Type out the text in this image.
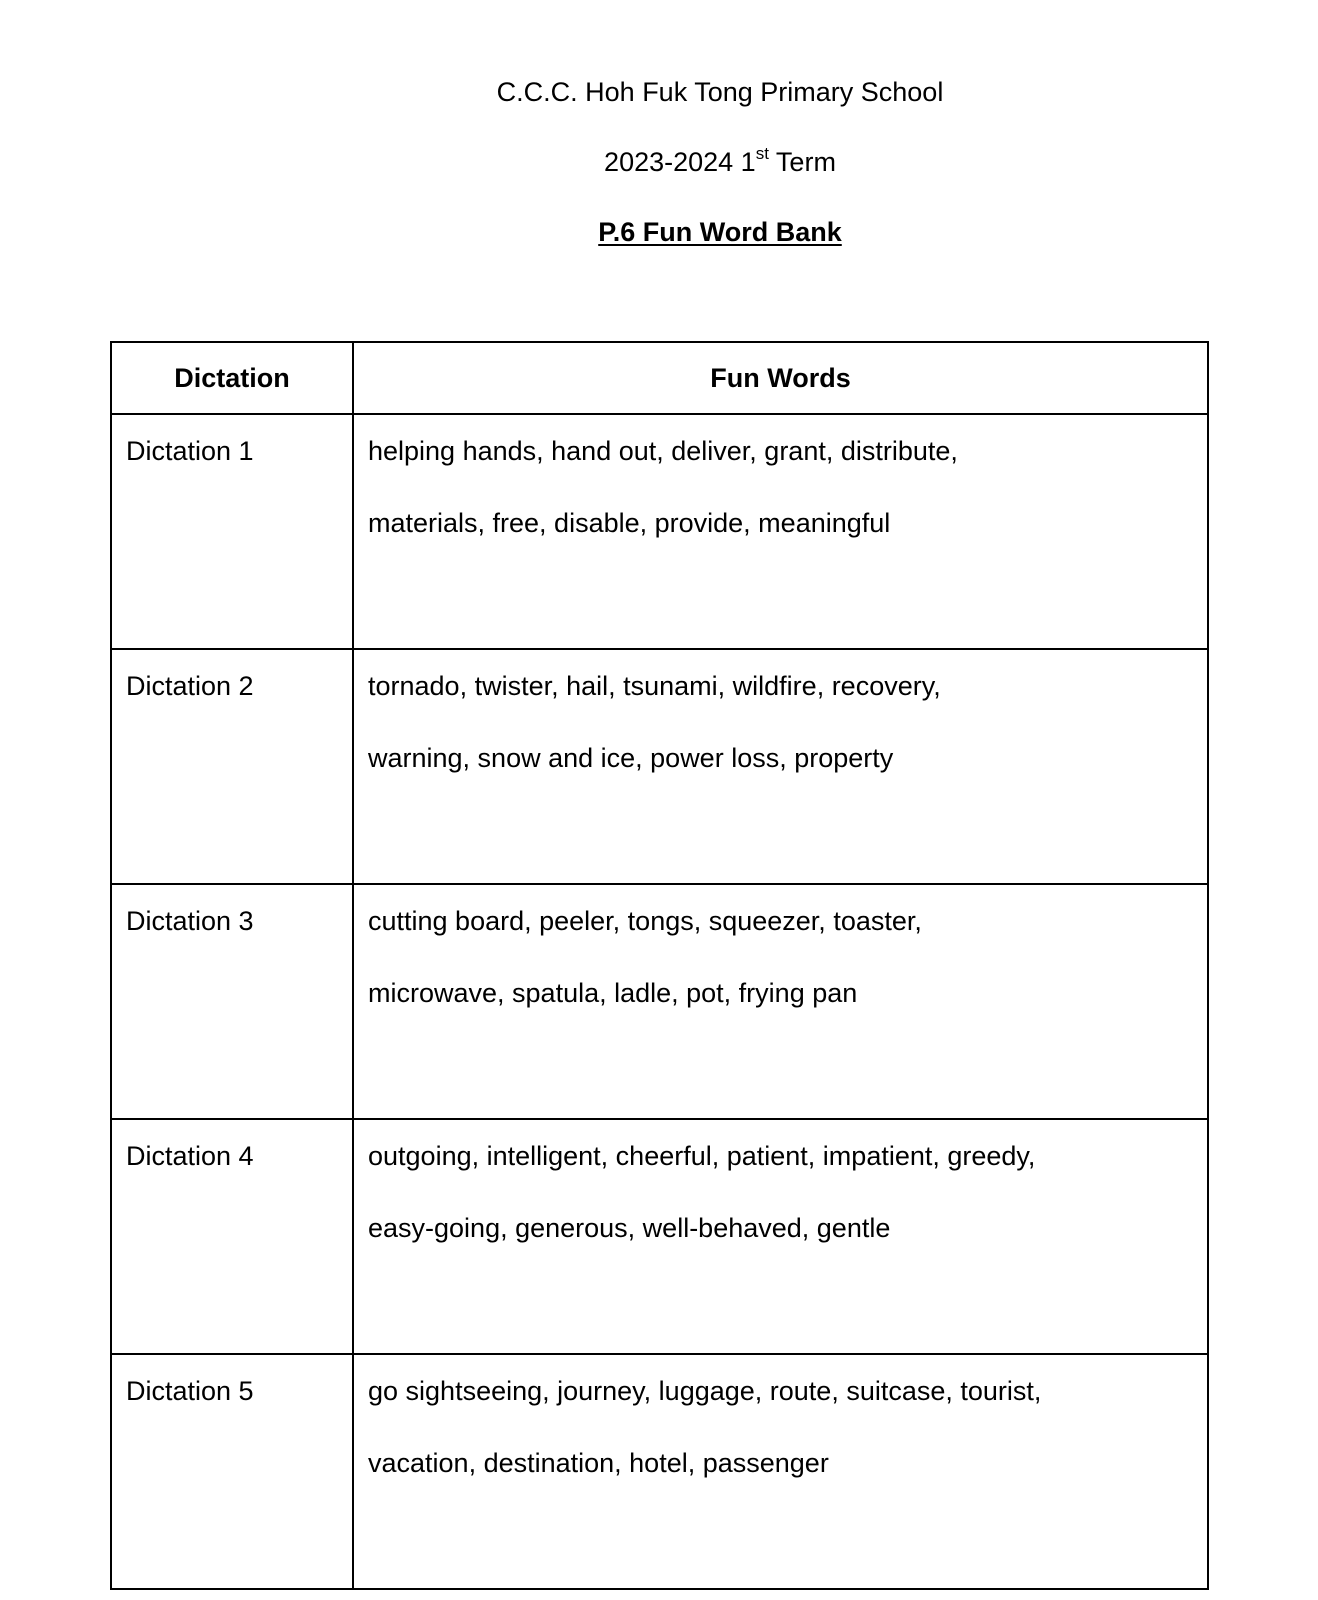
C.C.C. Hoh Fuk Tong Primary School
2023-2024 1st Term
P.6 Fun Word Bank
Dictation	Fun Words
Dictation 1	helping hands, hand out, deliver, grant, distribute,
materials, free, disable, provide, meaningful

Dictation 2	tornado, twister, hail, tsunami, wildfire, recovery,
warning, snow and ice, power loss, property

Dictation 3	cutting board, peeler, tongs, squeezer, toaster,
microwave, spatula, ladle, pot, frying pan

Dictation 4	outgoing, intelligent, cheerful, patient, impatient, greedy,
easy-going, generous, well-behaved, gentle

Dictation 5	go sightseeing, journey, luggage, route, suitcase, tourist,
vacation, destination, hotel, passenger
